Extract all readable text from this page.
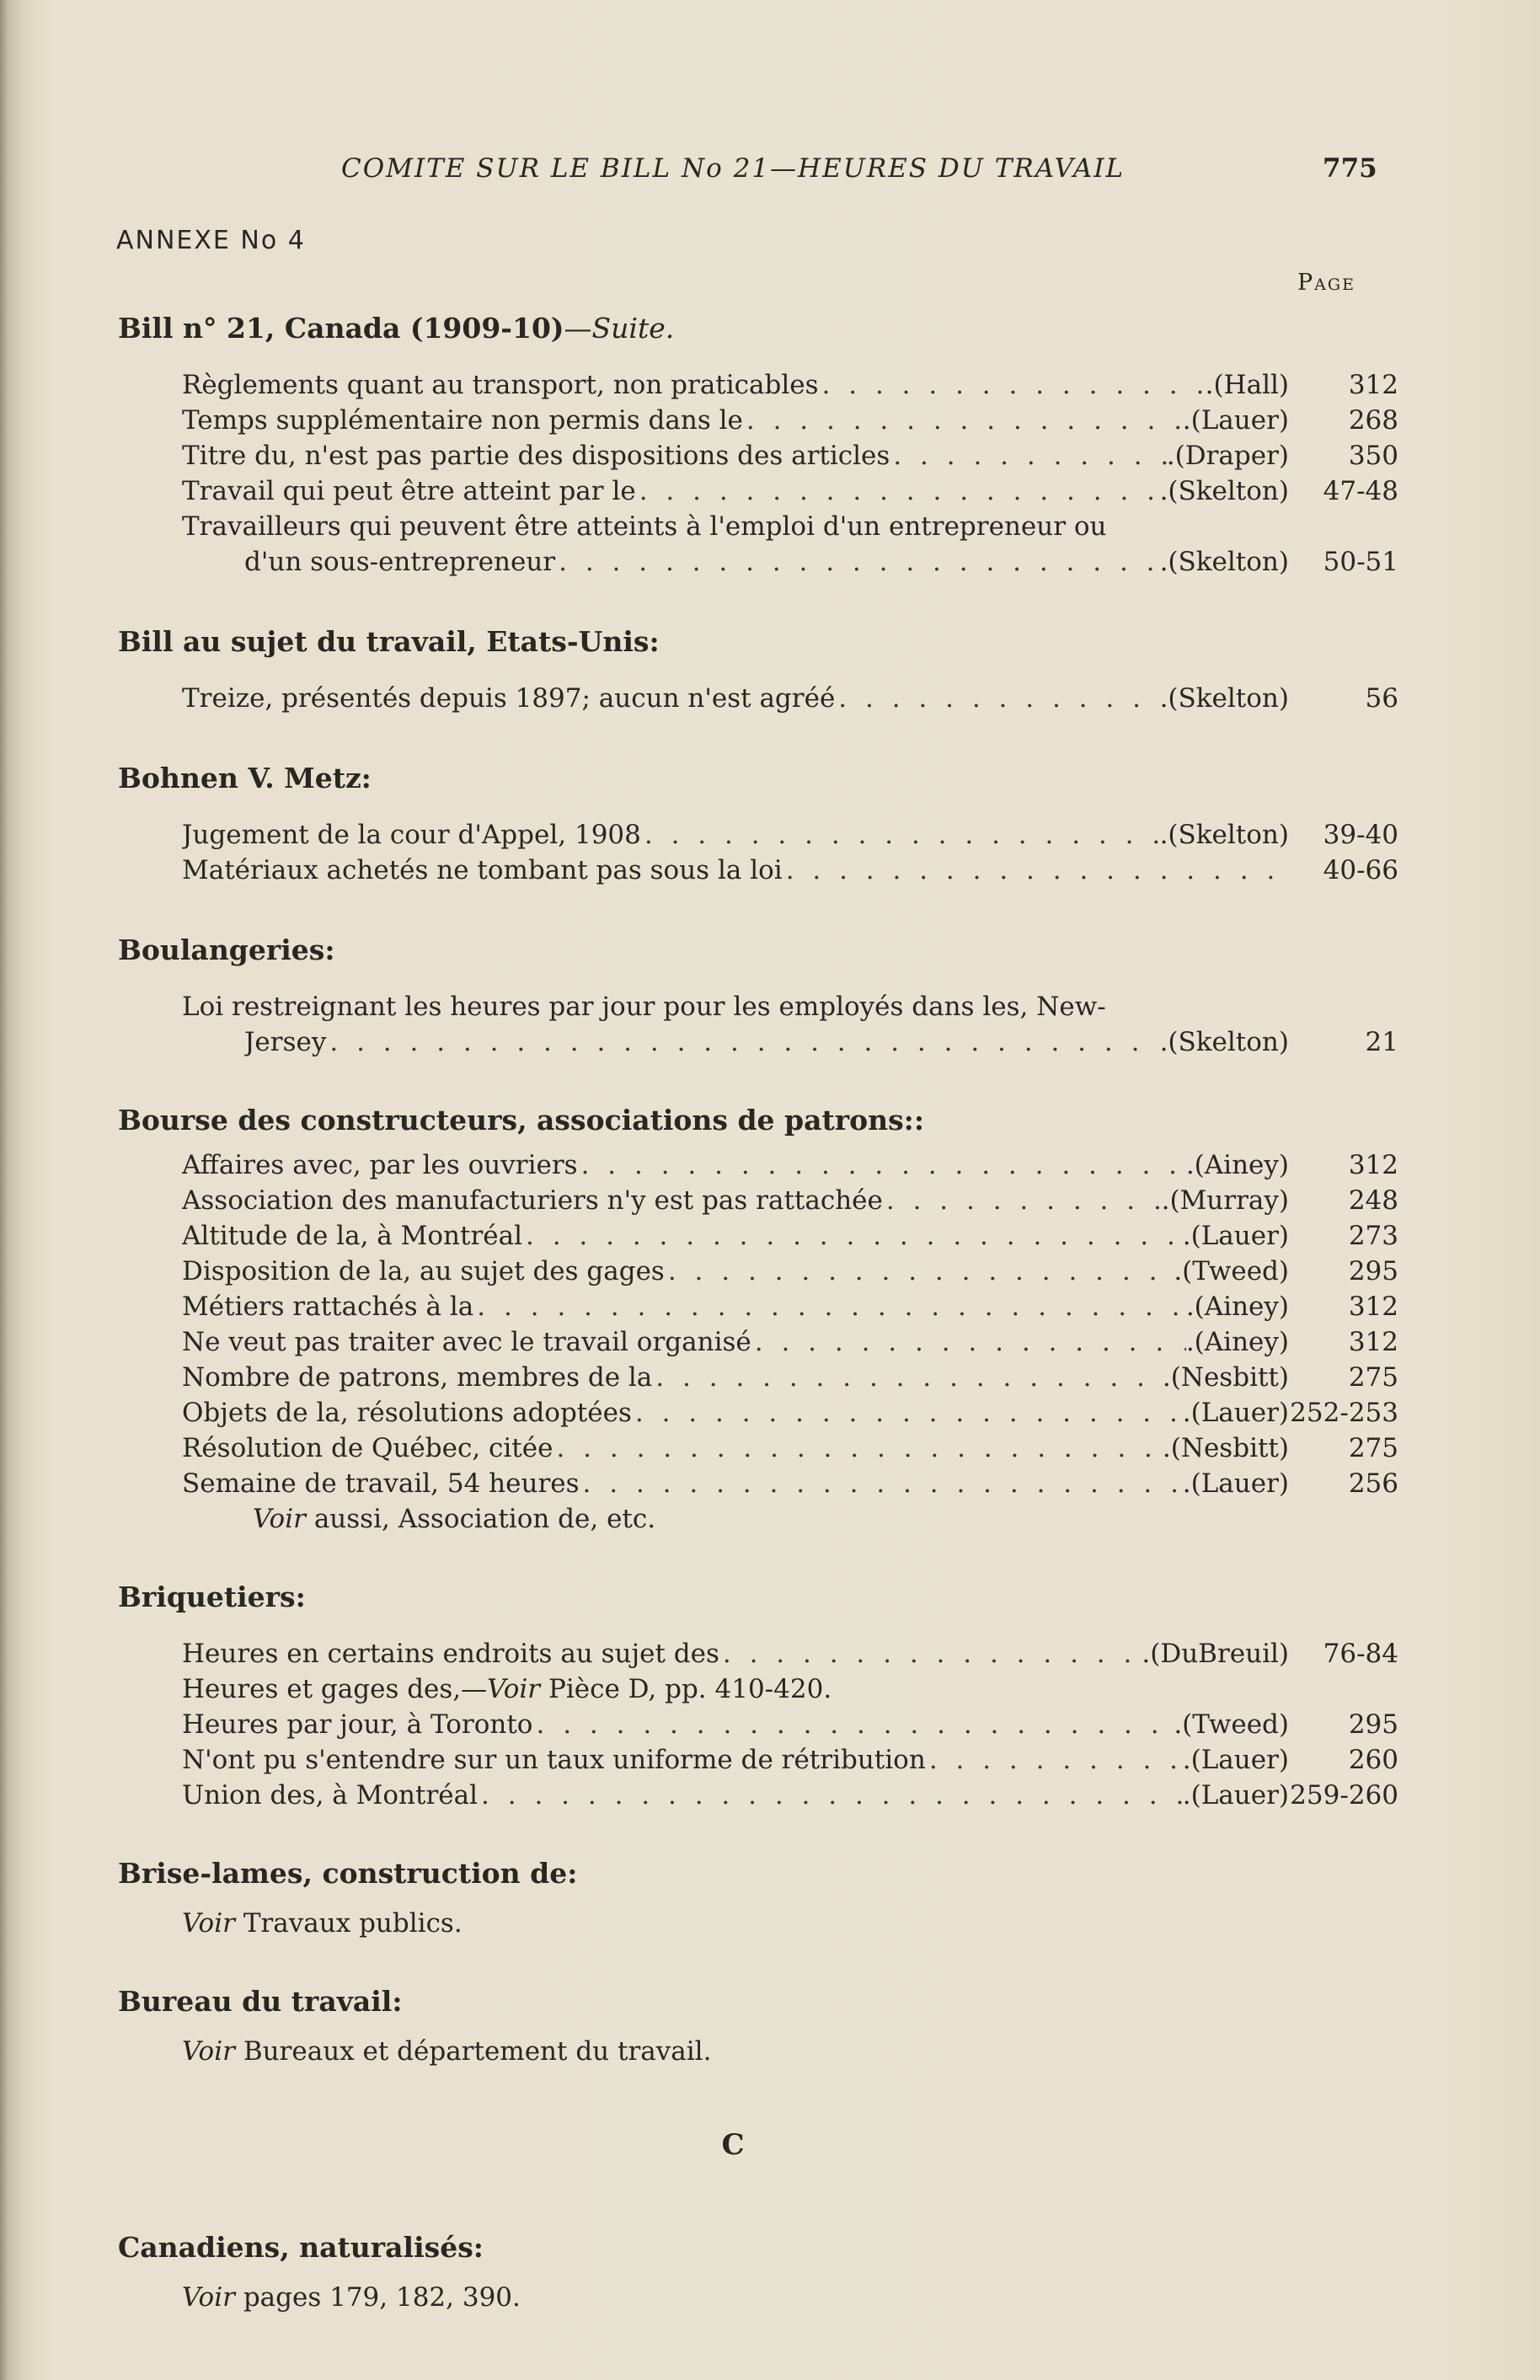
COMITE SUR LE BILL No 21—HEURES DU TRAVAIL	775
ANNEXE No 4
Page
Bill n° 21, Canada (1909-10)—Suite.
Règlements quant au transport, non praticables . . .	.(Hall)	312
Temps supplémentaire non permis dans le . . .	.(Lauer)	268
Titre du, n'est pas partie des dispositions des articles . . .	.(Draper)	350
Travail qui peut être atteint par le . . .	.(Skelton)	47-48
Travailleurs qui peuvent être atteints à l'emploi d'un entrepreneur ou
d'un sous-entrepreneur . . .	.(Skelton)	50-51
Bill au sujet du travail, Etats-Unis:
Treize, présentés depuis 1897; aucun n'est agréé . . .	.(Skelton)	56
Bohnen V. Metz:
Jugement de la cour d'Appel, 1908 . . .	.(Skelton)	39-40
Matériaux achetés ne tombant pas sous la loi . . .	40-66
Boulangeries:
Loi restreignant les heures par jour pour les employés dans les, New-
Jersey . . .	.(Skelton)	21
Bourse des constructeurs, associations de patrons::
Affaires avec, par les ouvriers . . .	.(Ainey)	312
Association des manufacturiers n'y est pas rattachée . . .	.(Murray)	248
Altitude de la, à Montréal . . .	.(Lauer)	273
Disposition de la, au sujet des gages . . .	.(Tweed)	295
Métiers rattachés à la . . .	.(Ainey)	312
Ne veut pas traiter avec le travail organisé . . .	.(Ainey)	312
Nombre de patrons, membres de la . . .	.(Nesbitt)	275
Objets de la, résolutions adoptées . . .	.(Lauer) 252-253
Résolution de Québec, citée . . .	.(Nesbitt)	275
Semaine de travail, 54 heures . . .	.(Lauer)	256
Voir aussi, Association de, etc.
Briquetiers:
Heures en certains endroits au sujet des . . .	.(DuBreuil)	76-84
Heures et gages des,—Voir Pièce D, pp. 410-420.
Heures par jour, à Toronto . . .	.(Tweed)	295
N'ont pu s'entendre sur un taux uniforme de rétribution . . .	.(Lauer)	260
Union des, à Montréal . . .	.(Lauer) 259-260
Brise-lames, construction de:
Voir Travaux publics.
Bureau du travail:
Voir Bureaux et département du travail.
C
Canadiens, naturalisés:
Voir pages 179, 182, 390.
